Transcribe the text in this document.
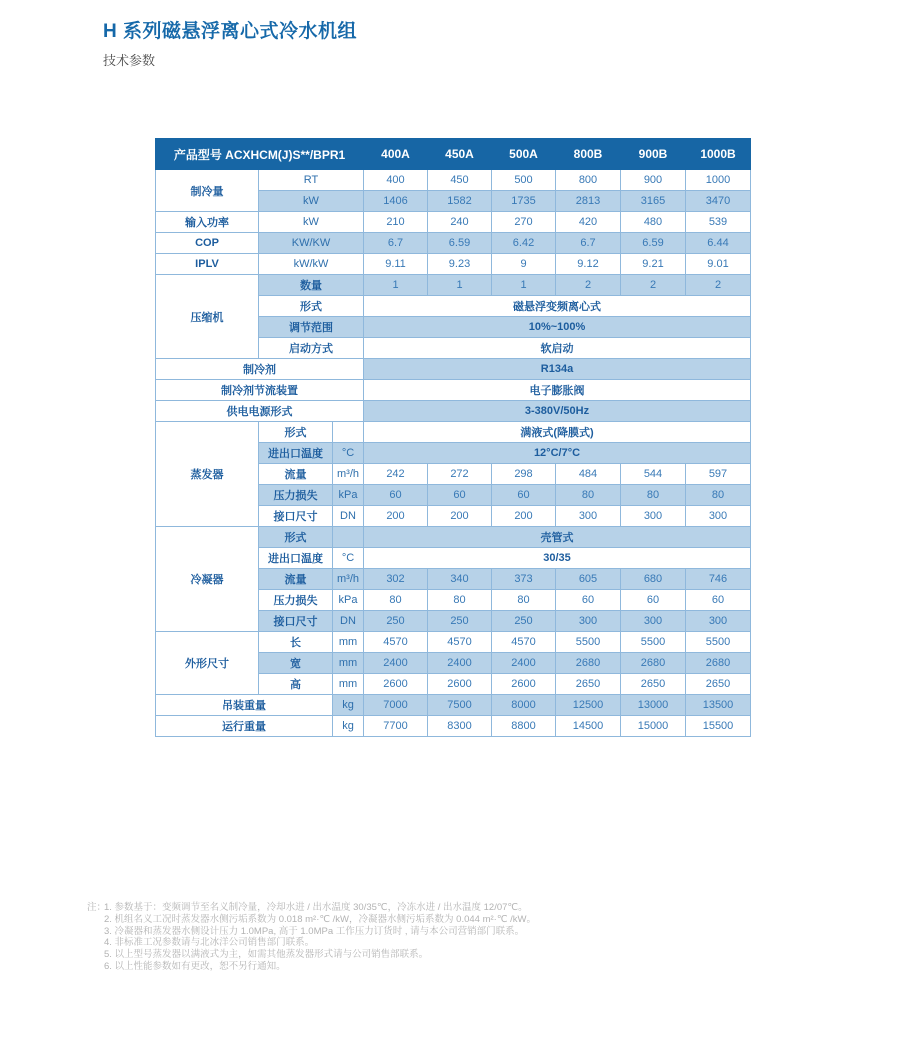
H 系列磁悬浮离心式冷水机组

技术参数

产品型号 ACXHCM(J)S**/BPR1			400A	450A	500A	800B	900B	1000B
制冷量	RT		400	450	500	800	900	1000
	kW		1406	1582	1735	2813	3165	3470
输入功率	kW		210	240	270	420	480	539
COP	KW/KW		6.7	6.59	6.42	6.7	6.59	6.44
IPLV	kW/kW		9.11	9.23	9	9.12	9.21	9.01
压缩机	数量		1	1	1	2	2	2
	形式		磁悬浮变频离心式					
	调节范围		10%~100%					
	启动方式		软启动					
制冷剂			R134a					
制冷剂节流装置			电子膨胀阀					
供电电源形式			3-380V/50Hz					
蒸发器	形式		满液式(降膜式)					
	进出口温度	°C	12°C/7°C					
	流量	m³/h	242	272	298	484	544	597
	压力损失	kPa	60	60	60	80	80	80
	接口尺寸	DN	200	200	200	300	300	300
冷凝器	形式		壳管式					
	进出口温度	°C	30/35					
	流量	m³/h	302	340	373	605	680	746
	压力损失	kPa	80	80	80	60	60	60
	接口尺寸	DN	250	250	250	300	300	300
外形尺寸	长	mm	4570	4570	4570	5500	5500	5500
	宽	mm	2400	2400	2400	2680	2680	2680
	高	mm	2600	2600	2600	2650	2650	2650
吊装重量		kg	7000	7500	8000	12500	13000	13500
运行重量		kg	7700	8300	8800	14500	15000	15500
注：
1. 参数基于：变频调节至名义制冷量，冷却水进 / 出水温度 30/35℃，冷冻水进 / 出水温度 12/07℃。
2. 机组名义工况时蒸发器水侧污垢系数为 0.018 m²·℃ /kW，冷凝器水侧污垢系数为 0.044 m²·℃ /kW。
3. 冷凝器和蒸发器水侧设计压力 1.0MPa, 高于 1.0MPa 工作压力订货时 , 请与本公司营销部门联系。
4. 非标准工况参数请与北冰洋公司销售部门联系。
5. 以上型号蒸发器以满液式为主，如需其他蒸发器形式请与公司销售部联系。
6. 以上性能参数如有更改，恕不另行通知。
